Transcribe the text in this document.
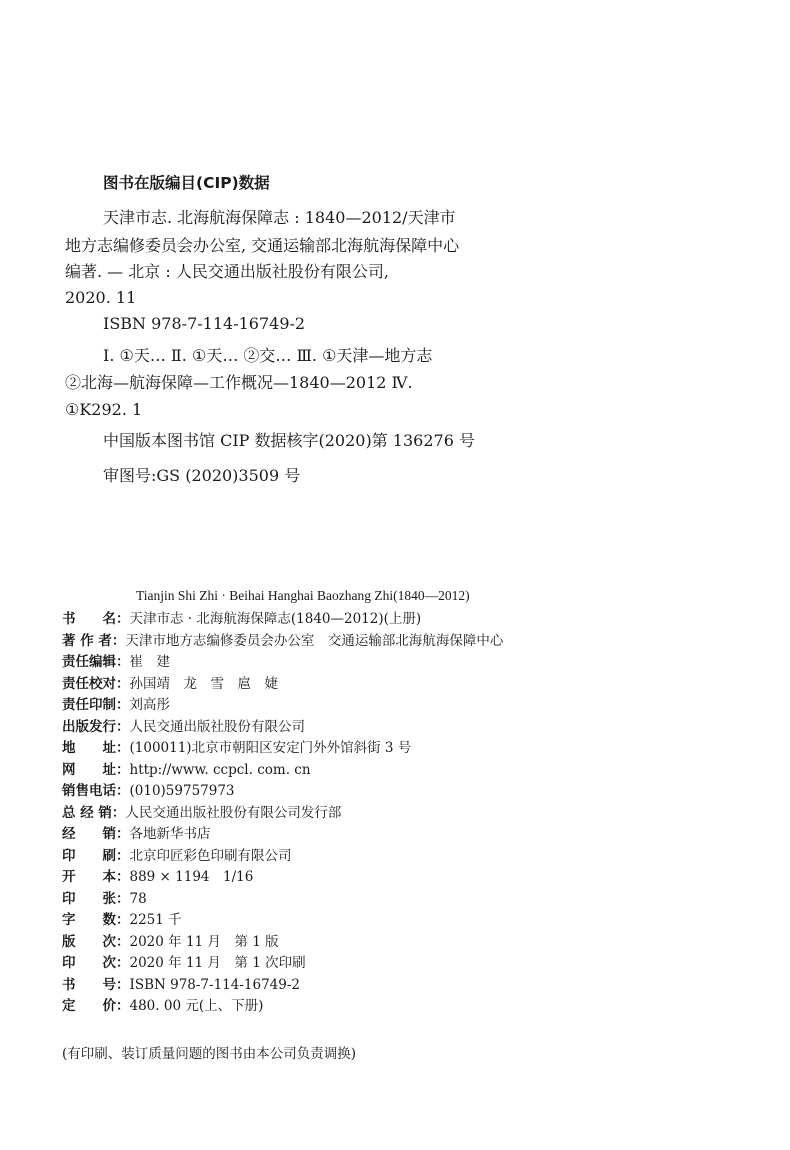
图书在版编目(CIP)数据
天津市志. 北海航海保障志 : 1840—2012/天津市
地方志编修委员会办公室, 交通运输部北海航海保障中心
编著. — 北京 : 人民交通出版社股份有限公司,
2020. 11
ISBN 978-7-114-16749-2
Ⅰ. ①天… Ⅱ. ①天… ②交… Ⅲ. ①天津—地方志
②北海—航海保障—工作概况—1840—2012 Ⅳ.
①K292. 1
中国版本图书馆 CIP 数据核字(2020)第 136276 号
审图号:GS (2020)3509 号
Tianjin Shi Zhi · Beihai Hanghai Baozhang Zhi(1840—2012)
书　　名：天津市志 · 北海航海保障志(1840—2012)(上册)
著 作 者：天津市地方志编修委员会办公室　交通运输部北海航海保障中心
责任编辑：崔　建
责任校对：孙国靖　龙　雪　扈　婕
责任印制：刘高彤
出版发行：人民交通出版社股份有限公司
地　　址：(100011)北京市朝阳区安定门外外馆斜街 3 号
网　　址：http://www. ccpcl. com. cn
销售电话：(010)59757973
总 经 销：人民交通出版社股份有限公司发行部
经　　销：各地新华书店
印　　刷：北京印匠彩色印刷有限公司
开　　本：889 × 1194　1/16
印　　张：78
字　　数：2251 千
版　　次：2020 年 11 月　第 1 版
印　　次：2020 年 11 月　第 1 次印刷
书　　号：ISBN 978-7-114-16749-2
定　　价：480. 00 元(上、下册)
(有印刷、装订质量问题的图书由本公司负责调换)
